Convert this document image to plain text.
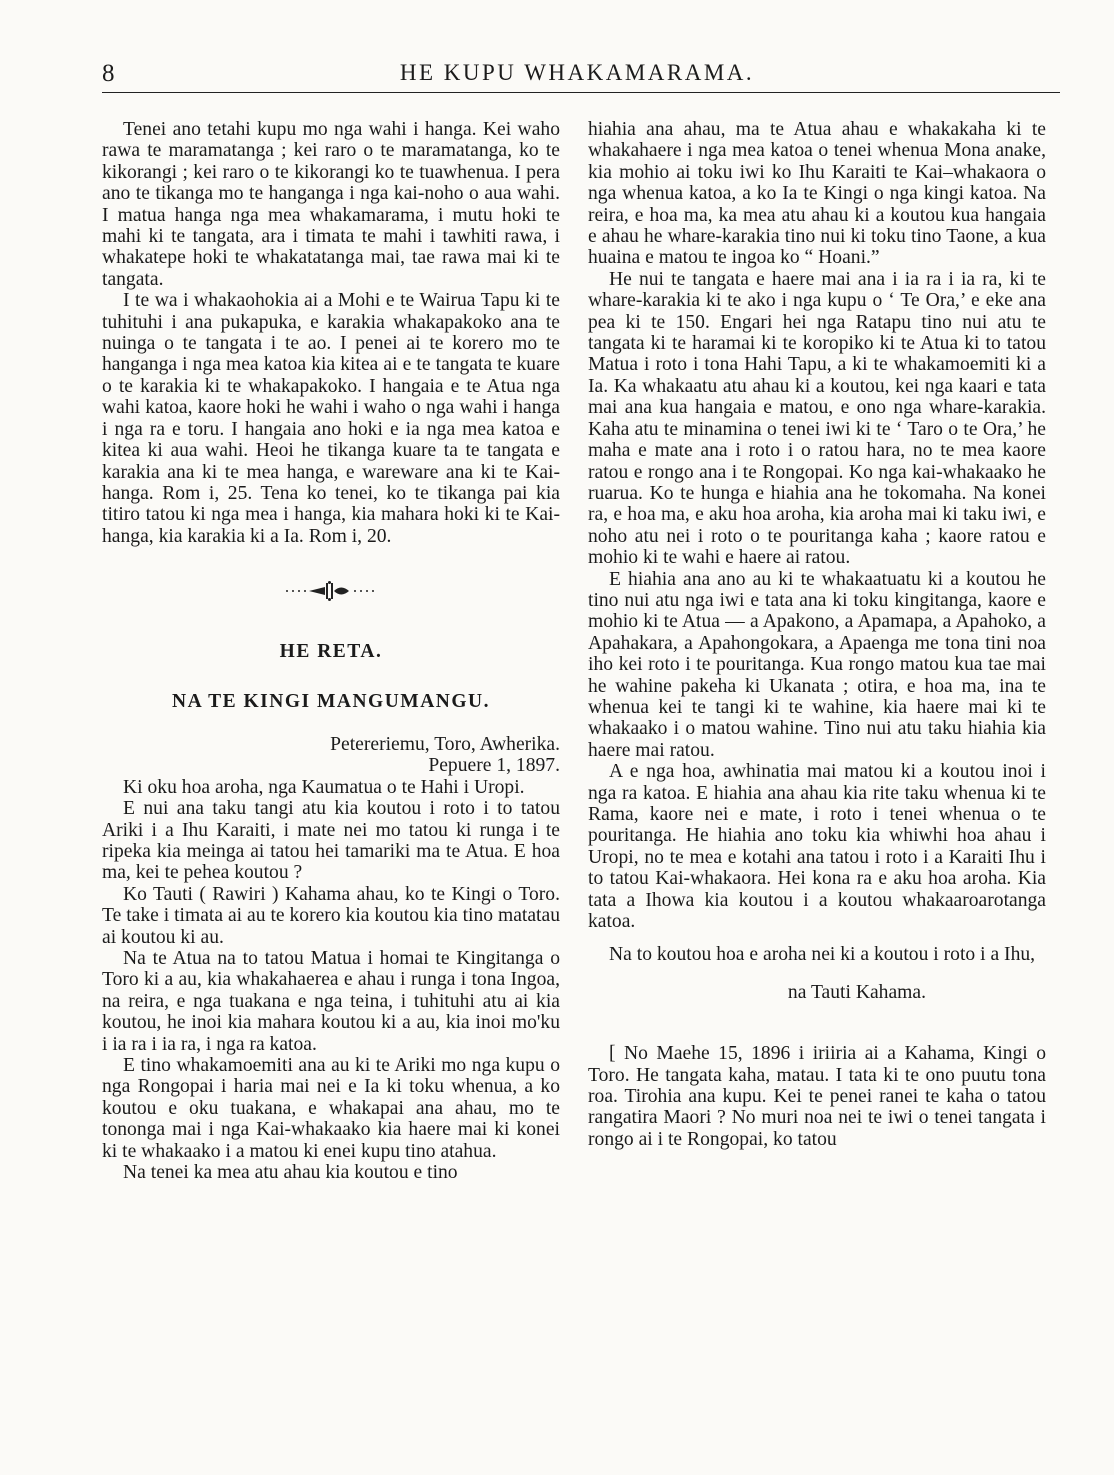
8	HE KUPU WHAKAMARAMA.

Tenei ano tetahi kupu mo nga wahi i hanga. Kei waho rawa te maramatanga ; kei raro o te maramatanga, ko te kikorangi ; kei raro o te kikorangi ko te tuawhenua. I pera ano te tikanga mo te hanganga i nga kai-noho o aua wahi. I matua hanga nga mea whakamarama, i mutu hoki te mahi ki te tangata, ara i timata te mahi i tawhiti rawa, i whakatepe hoki te whakatatanga mai, tae rawa mai ki te tangata.

I te wa i whakaohokia ai a Mohi e te Wairua Tapu ki te tuhituhi i ana pukapuka, e karakia whakapakoko ana te nuinga o te tangata i te ao. I penei ai te korero mo te hanganga i nga mea katoa kia kitea ai e te tangata te kuare o te karakia ki te whakapakoko. I hangaia e te Atua nga wahi katoa, kaore hoki he wahi i waho o nga wahi i hanga i nga ra e toru. I hangaia ano hoki e ia nga mea katoa e kitea ki aua wahi. Heoi he tikanga kuare ta te tangata e karakia ana ki te mea hanga, e wareware ana ki te Kai-hanga. Rom i, 25. Tena ko tenei, ko te tikanga pai kia titiro tatou ki nga mea i hanga, kia mahara hoki ki te Kai-hanga, kia karakia ki a Ia. Rom i, 20.

HE RETA.
NA TE KINGI MANGUMANGU.

Petereriemu, Toro, Awherika.

Pepuere 1, 1897.

Ki oku hoa aroha, nga Kaumatua o te Hahi i Uropi.

E nui ana taku tangi atu kia koutou i roto i to tatou Ariki i a Ihu Karaiti, i mate nei mo tatou ki runga i te ripeka kia meinga ai tatou hei tamariki ma te Atua. E hoa ma, kei te pehea koutou ?

Ko Tauti ( Rawiri ) Kahama ahau, ko te Kingi o Toro. Te take i timata ai au te korero kia koutou kia tino matatau ai koutou ki au.

Na te Atua na to tatou Matua i homai te Kingitanga o Toro ki a au, kia whakahaerea e ahau i runga i tona Ingoa, na reira, e nga tuakana e nga teina, i tuhituhi atu ai kia koutou, he inoi kia mahara koutou ki a au, kia inoi mo'ku i ia ra i ia ra, i nga ra katoa.

E tino whakamoemiti ana au ki te Ariki mo nga kupu o nga Rongopai i haria mai nei e Ia ki toku whenua, a ko koutou e oku tuakana, e whakapai ana ahau, mo te tononga mai i nga Kai-whakaako kia haere mai ki konei ki te whakaako i a matou ki enei kupu tino atahua.

Na tenei ka mea atu ahau kia koutou e tino

hiahia ana ahau, ma te Atua ahau e whakakaha ki te whakahaere i nga mea katoa o tenei whenua Mona anake, kia mohio ai toku iwi ko Ihu Karaiti te Kai–whakaora o nga whenua katoa, a ko Ia te Kingi o nga kingi katoa. Na reira, e hoa ma, ka mea atu ahau ki a koutou kua hangaia e ahau he whare-karakia tino nui ki toku tino Taone, a kua huaina e matou te ingoa ko “ Hoani.”

He nui te tangata e haere mai ana i ia ra i ia ra, ki te whare-karakia ki te ako i nga kupu o ‘ Te Ora,’ e eke ana pea ki te 150. Engari hei nga Ratapu tino nui atu te tangata ki te haramai ki te koropiko ki te Atua ki to tatou Matua i roto i tona Hahi Tapu, a ki te whakamoemiti ki a Ia. Ka whakaatu atu ahau ki a koutou, kei nga kaari e tata mai ana kua hangaia e matou, e ono nga whare-karakia. Kaha atu te minamina o tenei iwi ki te ‘ Taro o te Ora,’ he maha e mate ana i roto i o ratou hara, no te mea kaore ratou e rongo ana i te Rongopai. Ko nga kai-whakaako he ruarua. Ko te hunga e hiahia ana he tokomaha. Na konei ra, e hoa ma, e aku hoa aroha, kia aroha mai ki taku iwi, e noho atu nei i roto o te pouritanga kaha ; kaore ratou e mohio ki te wahi e haere ai ratou.

E hiahia ana ano au ki te whakaatuatu ki a koutou he tino nui atu nga iwi e tata ana ki toku kingitanga, kaore e mohio ki te Atua — a Apakono, a Apamapa, a Apahoko, a Apahakara, a Apahongokara, a Apaenga me tona tini noa iho kei roto i te pouritanga. Kua rongo matou kua tae mai he wahine pakeha ki Ukanata ; otira, e hoa ma, ina te whenua kei te tangi ki te wahine, kia haere mai ki te whakaako i o matou wahine. Tino nui atu taku hiahia kia haere mai ratou.

A e nga hoa, awhinatia mai matou ki a koutou inoi i nga ra katoa. E hiahia ana ahau kia rite taku whenua ki te Rama, kaore nei e mate, i roto i tenei whenua o te pouritanga. He hiahia ano toku kia whiwhi hoa ahau i Uropi, no te mea e kotahi ana tatou i roto i a Karaiti Ihu i to tatou Kai-whakaora. Hei kona ra e aku hoa aroha. Kia tata a Ihowa kia koutou i a koutou whakaaroarotanga katoa.

Na to koutou hoa e aroha nei ki a koutou i roto i a Ihu,

na Tauti Kahama.

[ No Maehe 15, 1896 i iriiria ai a Kahama, Kingi o Toro. He tangata kaha, matau. I tata ki te ono puutu tona roa. Tirohia ana kupu. Kei te penei ranei te kaha o tatou rangatira Maori ? No muri noa nei te iwi o tenei tangata i rongo ai i te Rongopai, ko tatou
